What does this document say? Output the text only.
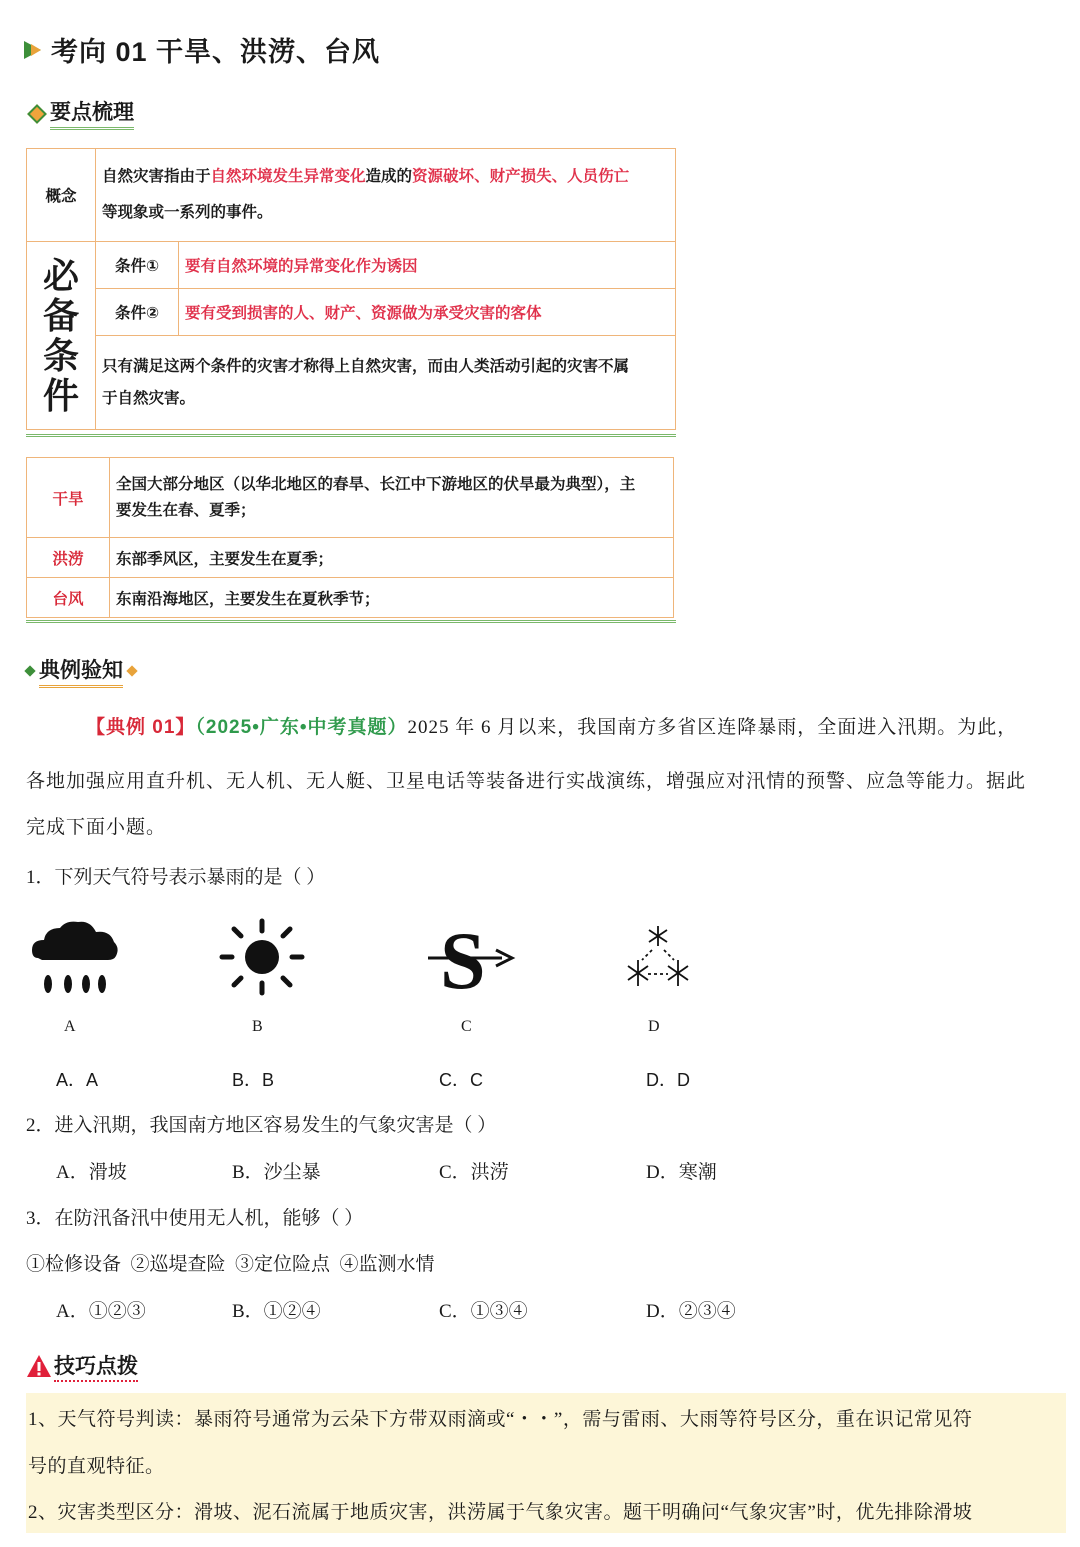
考向 01 干旱、洪涝、台风
要点梳理
概念	自然灾害指由于自然环境发生异常变化造成的资源破坏、财产损失、人员伤亡
等现象或一系列的事件。	

必备条件	条件①	要有自然环境的异常变化作为诱因
	条件②	要有受到损害的人、财产、资源做为承受灾害的客体
	只有满足这两个条件的灾害才称得上自然灾害，而由人类活动引起的灾害不属
于自然灾害。	
干旱	全国大部分地区（以华北地区的春旱、长江中下游地区的伏旱最为典型），主
要发生在春、夏季；
洪涝	东部季风区，主要发生在夏季；
台风	东南沿海地区，主要发生在夏秋季节；
典例验知
【典例 01】（2025•广东•中考真题）2025 年 6 月以来，我国南方多省区连降暴雨，全面进入汛期。为此，
各地加强应用直升机、无人机、无人艇、卫星电话等装备进行实战演练，增强应对汛情的预警、应急等能力。据此
完成下面小题。
1．下列天气符号表示暴雨的是（ ）
S
A	B	C	D
A．A	B．B	C．C	D．D
2．进入汛期，我国南方地区容易发生的气象灾害是（ ）
A．滑坡	B．沙尘暴	C．洪涝	D．寒潮
3．在防汛备汛中使用无人机，能够（ ）
①检修设备  ②巡堤查险  ③定位险点  ④监测水情
A．①②③	B．①②④	C．①③④	D．②③④
技巧点拨
1、天气符号判读：暴雨符号通常为云朵下方带双雨滴或“・・”，需与雷雨、大雨等符号区分，重在识记常见符
号的直观特征。
2、灾害类型区分：滑坡、泥石流属于地质灾害，洪涝属于气象灾害。题干明确问“气象灾害”时，优先排除滑坡
